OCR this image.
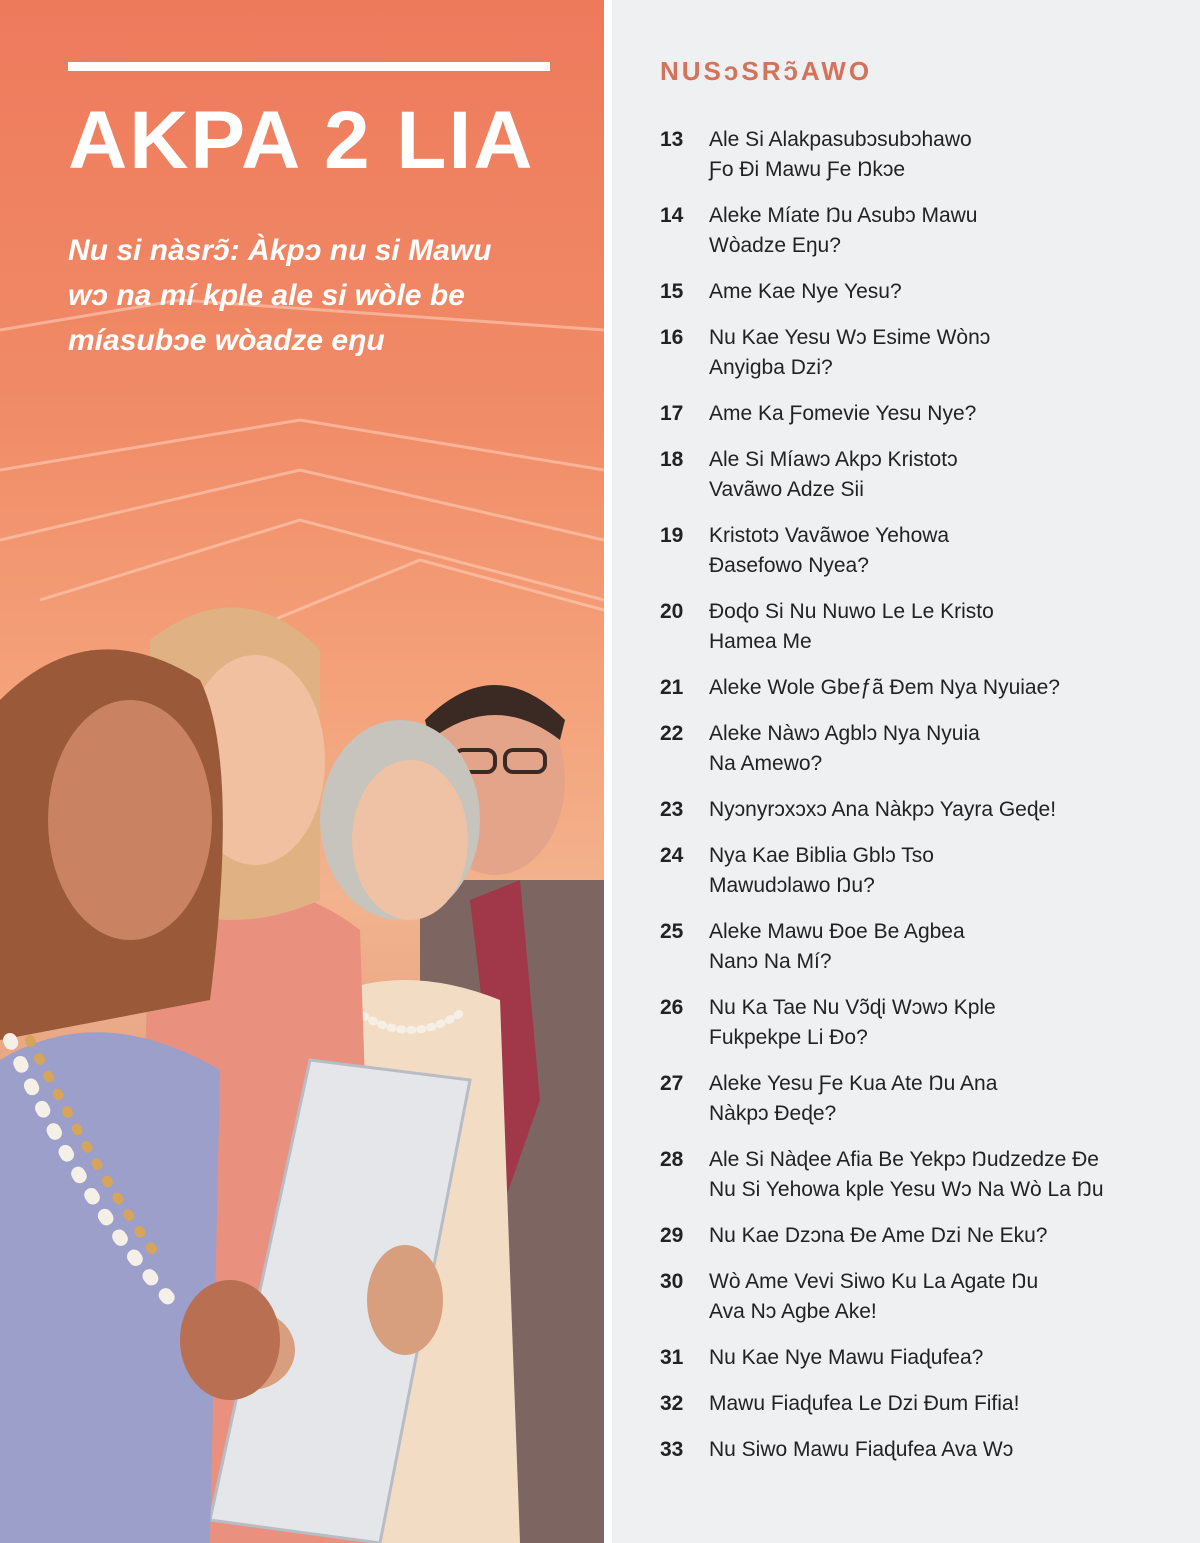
AKPA 2 LIA

Nu si nàsrɔ̃: Àkpɔ nu si Mawu wɔ na mí kple ale si wòle be míasubɔe wòadze eŋu

NUSɔSRɔ̃AWO
13	Ale Si Alakpasubɔsubɔhawo
Ƒo Ɖi Mawu Ƒe Ŋkɔe
14	Aleke Míate Ŋu Asubɔ Mawu
Wòadze Eŋu?
15	Ame Kae Nye Yesu?
16	Nu Kae Yesu Wɔ Esime Wònɔ
Anyigba Dzi?
17	Ame Ka Ƒomevie Yesu Nye?
18	Ale Si Míawɔ Akpɔ Kristotɔ
Vavãwo Adze Sii
19	Kristotɔ Vavãwoe Yehowa
Ðasefowo Nyea?
20	Ðoɖo Si Nu Nuwo Le Le Kristo
Hamea Me
21	Aleke Wole Gbeƒã Ðem Nya Nyuiae?
22	Aleke Nàwɔ Agblɔ Nya Nyuia
Na Amewo?
23	Nyɔnyrɔxɔxɔ Ana Nàkpɔ Yayra Geɖe!
24	Nya Kae Biblia Gblɔ Tso
Mawudɔlawo Ŋu?
25	Aleke Mawu Ðoe Be Agbea
Nanɔ Na Mí?
26	Nu Ka Tae Nu Vɔ̃ɖi Wɔwɔ Kple
Fukpekpe Li Ðo?
27	Aleke Yesu Ƒe Kua Ate Ŋu Ana
Nàkpɔ Ðeɖe?
28	Ale Si Nàɖee Afia Be Yekpɔ Ŋudzedze Ðe
Nu Si Yehowa kple Yesu Wɔ Na Wò La Ŋu
29	Nu Kae Dzɔna Ðe Ame Dzi Ne Eku?
30	Wò Ame Vevi Siwo Ku La Agate Ŋu
Ava Nɔ Agbe Ake!
31	Nu Kae Nye Mawu Fiaɖufea?
32	Mawu Fiaɖufea Le Dzi Ðum Fifia!
33	Nu Siwo Mawu Fiaɖufea Ava Wɔ
